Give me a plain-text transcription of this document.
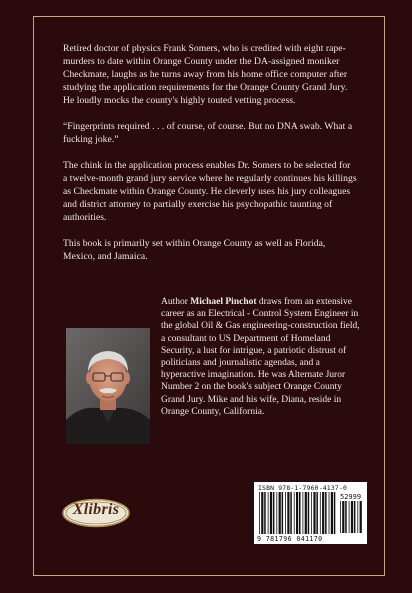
Retired doctor of physics Frank Somers, who is credited with eight rape-murders to date within Orange County under the DA-assigned moniker Checkmate, laughs as he turns away from his home office computer after studying the application requirements for the Orange County Grand Jury. He loudly mocks the county's highly touted vetting process.

“Fingerprints required . . . of course, of course. But no DNA swab. What a fucking joke.”

The chink in the application process enables Dr. Somers to be selected for a twelve-month grand jury service where he regularly continues his killings as Checkmate within Orange County. He cleverly uses his jury colleagues and district attorney to partially exercise his psychopathic taunting of authorities.

This book is primarily set within Orange County as well as Florida, Mexico, and Jamaica.

Author Michael Pinchot draws from an extensive career as an Electrical - Control System Engineer in the global Oil & Gas engineering-construction field, a consultant to US Department of Homeland Security, a lust for intrigue, a patriotic distrust of politicians and journalistic agendas, and a hyperactive imagination. He was Alternate Juror Number 2 on the book's subject Orange County Grand Jury. Mike and his wife, Diana, reside in Orange County, California.
Xlibris
ISBN 978-1-7960-4137-0
52999
9 781796 041170
